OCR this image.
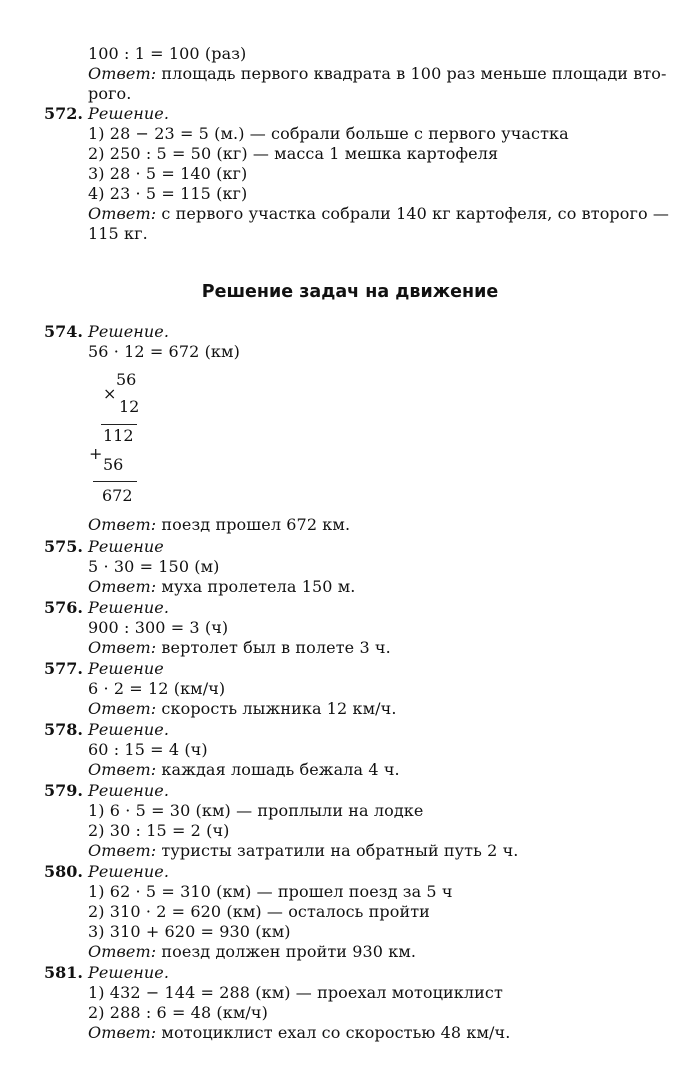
100 : 1 = 100 (раз)
Ответ: площадь первого квадрата в 100 раз меньше площади вто-
рого.
572. Решение.
1) 28 − 23 = 5 (м.) — собрали больше с первого участка
2) 250 : 5 = 50 (кг) — масса 1 мешка картофеля
3) 28 · 5 = 140 (кг)
4) 23 · 5 = 115 (кг)
Ответ: с первого участка собрали 140 кг картофеля, со второго —
115 кг.
Решение задач на движение
574. Решение.
56 · 12 = 672 (км)
56
×
12
112
+
56
672
Ответ: поезд прошел 672 км.
575. Решение
5 · 30 = 150 (м)
Ответ: муха пролетела 150 м.
576. Решение.
900 : 300 = 3 (ч)
Ответ: вертолет был в полете 3 ч.
577. Решение
6 · 2 = 12 (км/ч)
Ответ: скорость лыжника 12 км/ч.
578. Решение.
60 : 15 = 4 (ч)
Ответ: каждая лошадь бежала 4 ч.
579. Решение.
1) 6 · 5 = 30 (км) — проплыли на лодке
2) 30 : 15 = 2 (ч)
Ответ: туристы затратили на обратный путь 2 ч.
580. Решение.
1) 62 · 5 = 310 (км) — прошел поезд за 5 ч
2) 310 · 2 = 620 (км) — осталось пройти
3) 310 + 620 = 930 (км)
Ответ: поезд должен пройти 930 км.
581. Решение.
1) 432 − 144 = 288 (км) — проехал мотоциклист
2) 288 : 6 = 48 (км/ч)
Ответ: мотоциклист ехал со скоростью 48 км/ч.
